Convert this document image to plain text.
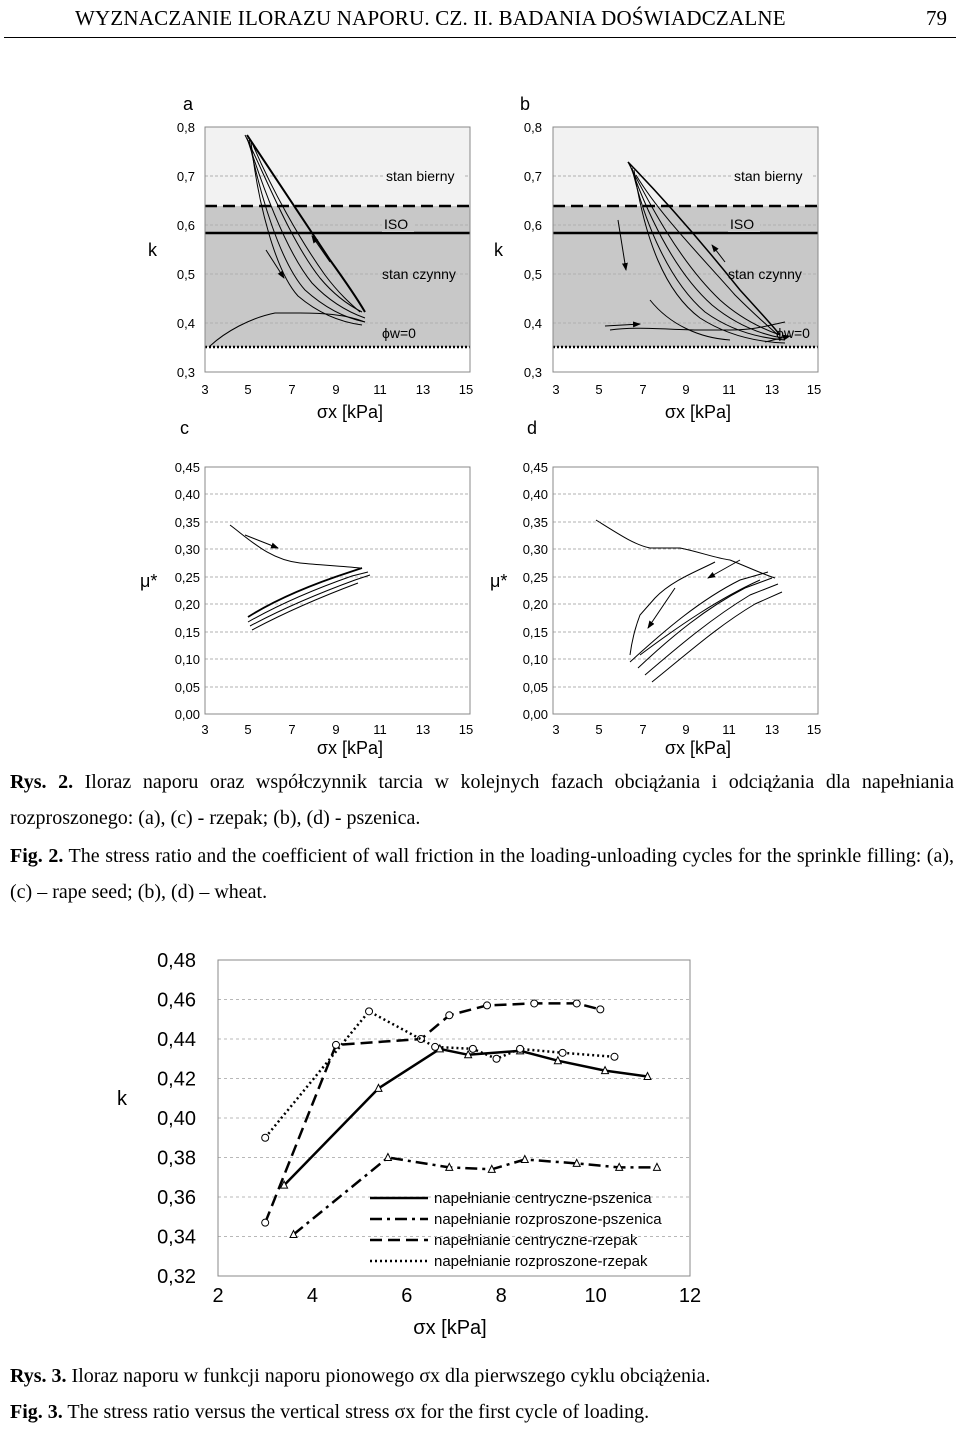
WYZNACZANIE ILORAZU NAPORU. CZ. II. BADANIA DOŚWIADCZALNE	79
a
k
0,8
0,7
0,6
0,5
0,4
0,3
3	5	7	9	11 13 15
σx [kPa]
stan bierny
ISO
stan czynny
ϕw=0
b
k
0,8
0,7
0,6
0,5
0,4
0,3
3	5	7	9	11 13 15
σx [kPa]
stan bierny
ISO
stan czynny
ϕw=0
c
μ*
0,45
0,40
0,35
0,30
0,25
0,20
0,15
0,10
0,05
0,00
3	5	7	9	11 13 15
σx [kPa]
d
μ*
0,45
0,40
0,35
0,30
0,25
0,20
0,15
0,10
0,05
0,00
3	5	7	9	11 13 15
σx [kPa]
Rys. 2. Iloraz naporu oraz współczynnik tarcia w kolejnych fazach obciążania i odciążania dla napełniania rozproszonego: (a), (c) - rzepak; (b), (d) - pszenica.
Fig. 2. The stress ratio and the coefficient of wall friction in the loading-unloading cycles for the sprinkle filling: (a), (c) – rape seed; (b), (d) – wheat.
0,48
0,46
0,44
0,42
0,40
0,38
0,36
0,34
0,32
2	4	6	8	10	12
k
σx [kPa]
napełnianie centryczne-pszenica
napełnianie rozproszone-pszenica
napełnianie centryczne-rzepak
napełnianie rozproszone-rzepak
Rys. 3. Iloraz naporu w funkcji naporu pionowego σx dla pierwszego cyklu obciążenia.
Fig. 3. The stress ratio versus the vertical stress σx for the first cycle of loading.
